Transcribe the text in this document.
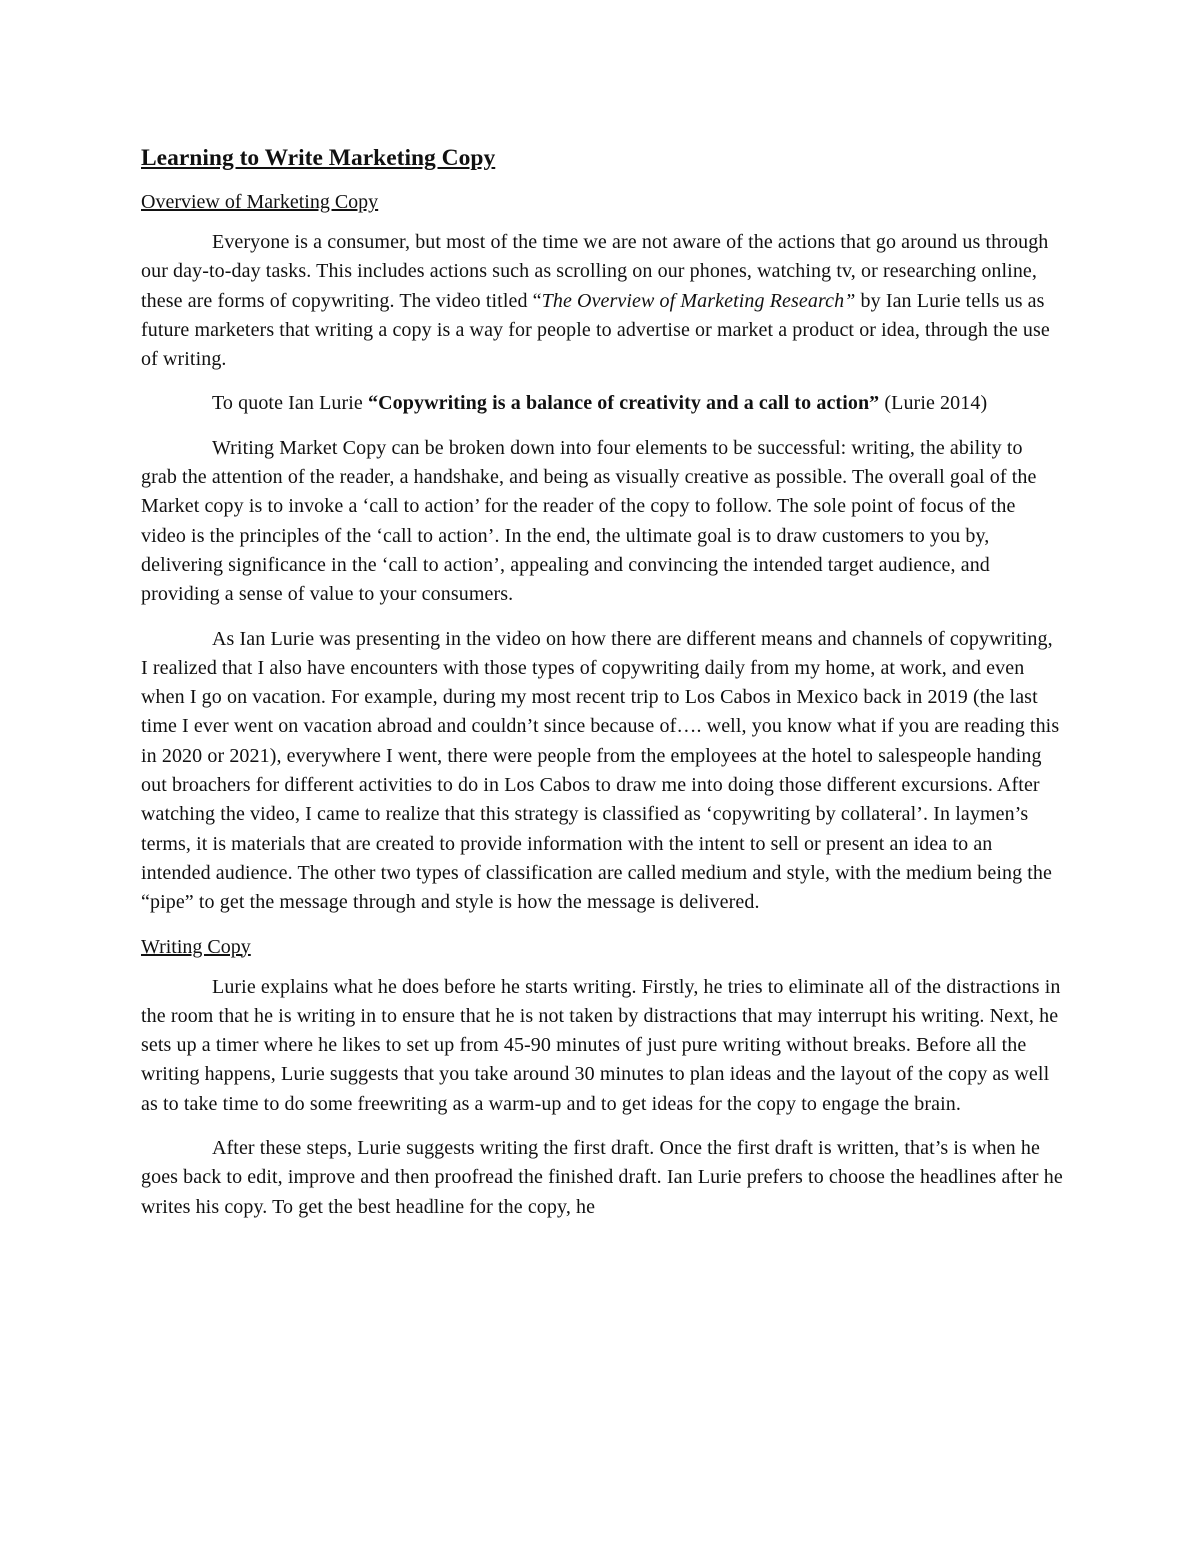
Learning to Write Marketing Copy
Overview of Marketing Copy

Everyone is a consumer, but most of the time we are not aware of the actions that go around us through our day-to-day tasks. This includes actions such as scrolling on our phones, watching tv, or researching online, these are forms of copywriting. The video titled “The Overview of Marketing Research” by Ian Lurie tells us as future marketers that writing a copy is a way for people to advertise or market a product or idea, through the use of writing.

To quote Ian Lurie “Copywriting is a balance of creativity and a call to action” (Lurie 2014)

Writing Market Copy can be broken down into four elements to be successful: writing, the ability to grab the attention of the reader, a handshake, and being as visually creative as possible. The overall goal of the Market copy is to invoke a ‘call to action’ for the reader of the copy to follow. The sole point of focus of the video is the principles of the ‘call to action’. In the end, the ultimate goal is to draw customers to you by, delivering significance in the ‘call to action’, appealing and convincing the intended target audience, and providing a sense of value to your consumers.

As Ian Lurie was presenting in the video on how there are different means and channels of copywriting, I realized that I also have encounters with those types of copywriting daily from my home, at work, and even when I go on vacation. For example, during my most recent trip to Los Cabos in Mexico back in 2019 (the last time I ever went on vacation abroad and couldn’t since because of…. well, you know what if you are reading this in 2020 or 2021), everywhere I went, there were people from the employees at the hotel to salespeople handing out broachers for different activities to do in Los Cabos to draw me into doing those different excursions. After watching the video, I came to realize that this strategy is classified as ‘copywriting by collateral’. In laymen’s terms, it is materials that are created to provide information with the intent to sell or present an idea to an intended audience. The other two types of classification are called medium and style, with the medium being the “pipe” to get the message through and style is how the message is delivered.

Writing Copy

Lurie explains what he does before he starts writing. Firstly, he tries to eliminate all of the distractions in the room that he is writing in to ensure that he is not taken by distractions that may interrupt his writing. Next, he sets up a timer where he likes to set up from 45-90 minutes of just pure writing without breaks. Before all the writing happens, Lurie suggests that you take around 30 minutes to plan ideas and the layout of the copy as well as to take time to do some freewriting as a warm-up and to get ideas for the copy to engage the brain.

After these steps, Lurie suggests writing the first draft. Once the first draft is written, that’s is when he goes back to edit, improve and then proofread the finished draft. Ian Lurie prefers to choose the headlines after he writes his copy. To get the best headline for the copy, he
